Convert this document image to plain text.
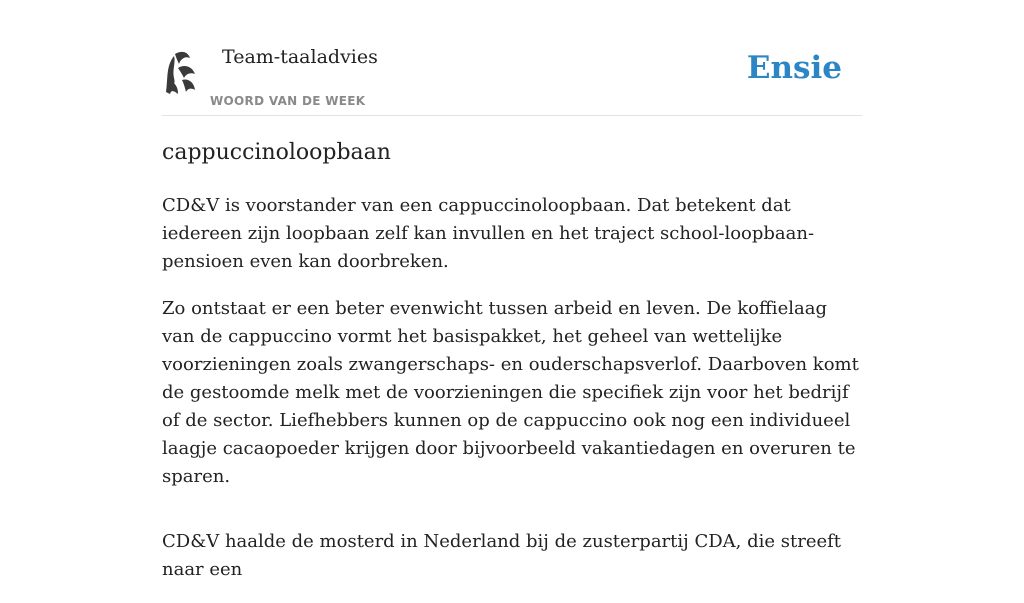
Team-taaladvies
WOORD VAN DE WEEK
Ensie
cappuccinoloopbaan

CD&V is voorstander van een cappuccinoloopbaan. Dat betekent dat iedereen zijn loopbaan zelf kan invullen en het traject school-loopbaan-pensioen even kan doorbreken.

Zo ontstaat er een beter evenwicht tussen arbeid en leven. De koffielaag van de cappuccino vormt het basispakket, het geheel van wettelijke voorzieningen zoals zwangerschaps- en ouderschapsverlof. Daarboven komt de gestoomde melk met de voorzieningen die specifiek zijn voor het bedrijf of de sector. Liefhebbers kunnen op de cappuccino ook nog een individueel laagje cacaopoeder krijgen door bijvoorbeeld vakantiedagen en overuren te sparen.

CD&V haalde de mosterd in Nederland bij de zusterpartij CDA, die streeft naar een
